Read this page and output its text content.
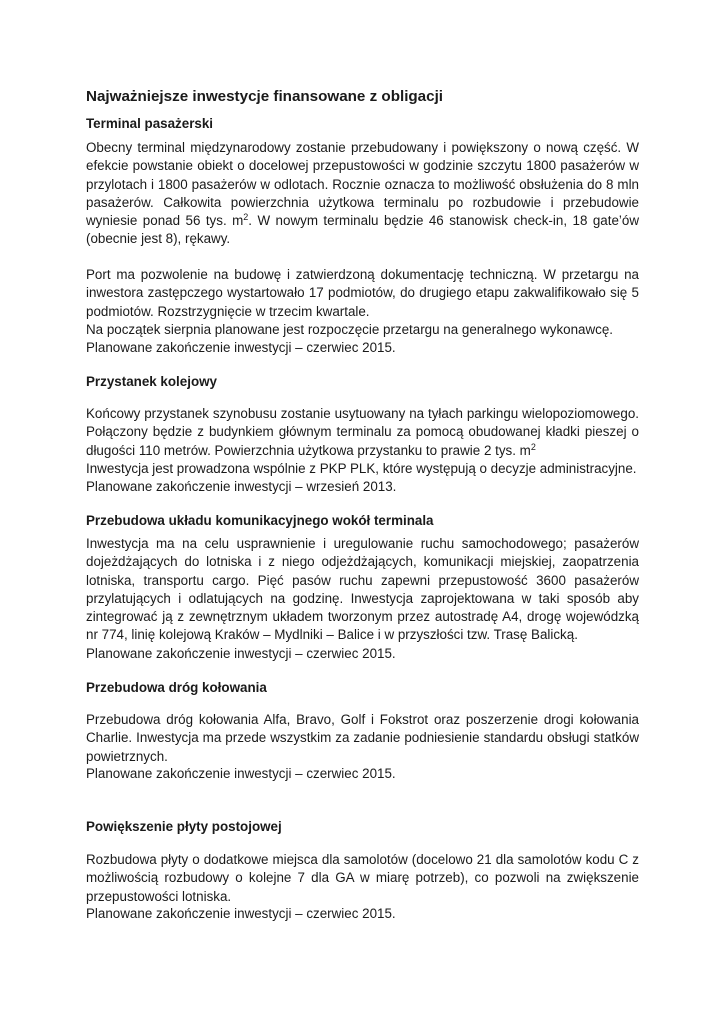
Najważniejsze inwestycje finansowane z obligacji
Terminal pasażerski

Obecny terminal międzynarodowy zostanie przebudowany i powiększony o nową część. W efekcie powstanie obiekt o docelowej przepustowości w godzinie szczytu 1800 pasażerów w przylotach i 1800 pasażerów w odlotach. Rocznie oznacza to możliwość obsłużenia do 8 mln pasażerów. Całkowita powierzchnia użytkowa terminalu po rozbudowie i przebudowie wyniesie ponad 56 tys. $m^2$. W nowym terminalu będzie 46 stanowisk check-in, 18 gate’ów (obecnie jest 8), rękawy.

Port ma pozwolenie na budowę i zatwierdzoną dokumentację techniczną. W przetargu na inwestora zastępczego wystartowało 17 podmiotów, do drugiego etapu zakwalifikowało się 5 podmiotów. Rozstrzygnięcie w trzecim kwartale.

Na początek sierpnia planowane jest rozpoczęcie przetargu na generalnego wykonawcę.

Planowane zakończenie inwestycji – czerwiec 2015.

Przystanek kolejowy

Końcowy przystanek szynobusu zostanie usytuowany na tyłach parkingu wielopoziomowego. Połączony będzie z budynkiem głównym terminalu za pomocą obudowanej kładki pieszej o długości 110 metrów. Powierzchnia użytkowa przystanku to prawie 2 tys. $m^2$

Inwestycja jest prowadzona wspólnie z PKP PLK, które występują o decyzje administracyjne.

Planowane zakończenie inwestycji – wrzesień 2013.

Przebudowa układu komunikacyjnego wokół terminala

Inwestycja ma na celu usprawnienie i uregulowanie ruchu samochodowego; pasażerów dojeżdżających do lotniska i z niego odjeżdżających, komunikacji miejskiej, zaopatrzenia lotniska, transportu cargo. Pięć pasów ruchu zapewni przepustowość 3600 pasażerów przylatujących i odlatujących na godzinę. Inwestycja zaprojektowana w taki sposób aby zintegrować ją z zewnętrznym układem tworzonym przez autostradę A4, drogę wojewódzką nr 774, linię kolejową Kraków – Mydlniki – Balice i w przyszłości tzw. Trasę Balicką.

Planowane zakończenie inwestycji – czerwiec 2015.

Przebudowa dróg kołowania

Przebudowa dróg kołowania Alfa, Bravo, Golf i Fokstrot oraz poszerzenie drogi kołowania Charlie. Inwestycja ma przede wszystkim za zadanie podniesienie standardu obsługi statków powietrznych.

Planowane zakończenie inwestycji – czerwiec 2015.

Powiększenie płyty postojowej

Rozbudowa płyty o dodatkowe miejsca dla samolotów (docelowo 21 dla samolotów kodu C z możliwością rozbudowy o kolejne 7 dla GA w miarę potrzeb), co pozwoli na zwiększenie przepustowości lotniska.

Planowane zakończenie inwestycji – czerwiec 2015.
